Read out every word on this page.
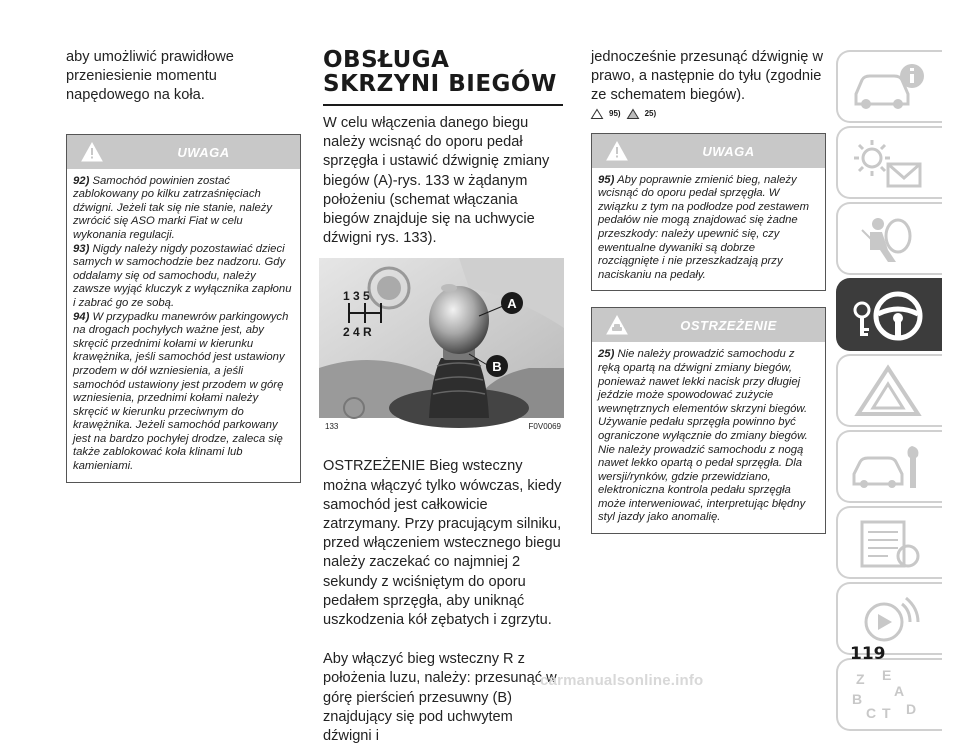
aby umożliwić prawidłowe przeniesienie momentu napędowego na koła.

UWAGA

92) Samochód powinien zostać zablokowany po kilku zatrzaśnięciach dźwigni. Jeżeli tak się nie stanie, należy zwrócić się ASO marki Fiat w celu wykonania regulacji.

93) Nigdy należy nigdy pozostawiać dzieci samych w samochodzie bez nadzoru. Gdy oddalamy się od samochodu, należy zawsze wyjąć kluczyk z wyłącznika zapłonu i zabrać go ze sobą.

94) W przypadku manewrów parkingowych na drogach pochyłych ważne jest, aby skręcić przednimi kołami w kierunku krawężnika, jeśli samochód jest ustawiony przodem w dół wzniesienia, a jeśli samochód ustawiony jest przodem w górę wzniesienia, przednimi kołami należy skręcić w kierunku przeciwnym do krawężnika. Jeżeli samochód parkowany jest na bardzo pochyłej drodze, zaleca się także zablokować koła klinami lub kamieniami.

OBSŁUGA SKRZYNI BIEGÓW

W celu włączenia danego biegu należy wcisnąć do oporu pedał sprzęgła i ustawić dźwignię zmiany biegów (A)-rys. 133 w żądanym położeniu (schemat włączania biegów znajduje się na uchwycie dźwigni rys. 133).

1 3 5
2 4 R
A
B
133	F0V0069

OSTRZEŻENIE Bieg wsteczny można włączyć tylko wówczas, kiedy samochód jest całkowicie zatrzymany. Przy pracującym silniku, przed włączeniem wstecznego biegu należy zaczekać co najmniej 2 sekundy z wciśniętym do oporu pedałem sprzęgła, aby uniknąć uszkodzenia kół zębatych i zgrzytu.

Aby włączyć bieg wsteczny R z położenia luzu, należy: przesunąć w górę pierścień przesuwny (B) znajdujący się pod uchwytem dźwigni i

jednocześnie przesunąć dźwignię w prawo, a następnie do tyłu (zgodnie ze schematem biegów).

95)	25)
UWAGA

95) Aby poprawnie zmienić bieg, należy wcisnąć do oporu pedał sprzęgła. W związku z tym na podłodze pod zestawem pedałów nie mogą znajdować się żadne przeszkody: należy upewnić się, czy ewentualne dywaniki są dobrze rozciągnięte i nie przeszkadzają przy naciskaniu na pedały.

OSTRZEŻENIE

25) Nie należy prowadzić samochodu z ręką opartą na dźwigni zmiany biegów, ponieważ nawet lekki nacisk przy długiej jeździe może spowodować zużycie wewnętrznych elementów skrzyni biegów. Używanie pedału sprzęgła powinno być ograniczone wyłącznie do zmiany biegów. Nie należy prowadzić samochodu z nogą nawet lekko opartą o pedał sprzęgła. Dla wersji/rynków, gdzie przewidziano, elektroniczna kontrola pedału sprzęgła może interweniować, interpretując błędny styl jazdy jako anomalię.

Z E
A
B
C T D
119
carmanualsonline.info
